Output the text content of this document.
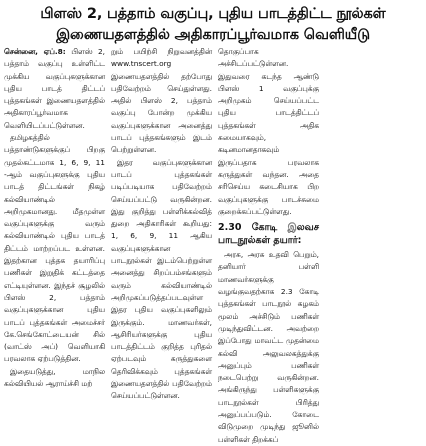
பிளஸ் 2, பத்தாம் வகுப்பு, புதிய பாடத்திட்ட நூல்கள்
இணையதளத்தில் அதிகாரப்பூர்வமாக வெளியீடு

சென்னை, ஏப்.8: பிளஸ் 2, பத்தாம் வகுப்பு உள்ளிட்ட முக்கிய வகுப்புகளுக்கான புதிய பாடத் திட்டப் புத்தகங்கள் இணையதளத்தில் அதிகாரப்பூர்வமாக வெளியிடப்பட்டுள்ளன.

தமிழகத்தில் பத்தாண்டுகளுக்குப் பிறகு முதல்கட்டமாக 1, 6, 9, 11 -ஆம் வகுப்புகளுக்கு புதிய பாடத் திட்டங்கள் நிகழ் கல்வியாண்டில் அறிமுகமானது. மீதமுள்ள வகுப்புகளுக்கு வரும் கல்வியாண்டில் புதிய பாடத் திட்டம் மாற்றப்பட உள்ளன. இதற்கான புத்தக தயாரிப்பு பணிகள் இறுதிக் கட்டத்தை எட்டியுள்ளன. இந்தச் சூழலில் பிளஸ் 2, பத்தாம் வகுப்புகளுக்கான புதிய பாடப் புத்தகங்கள் அமைச்சர் கே.செங்கோட்டையன் சில் (வாட்ஸ் அப்) வெளியாகி பரவலாக ஏற்படுத்தின.

இதையடுத்து, மாநில கல்வியியல் ஆராய்ச்சி மற்

றும் பயிற்சி நிறுவனத்தின் www.tnscert.org இணையதளத்தில் தற்போது பதிவேற்றம் செய்துள்ளது. அதில் பிளஸ் 2, பத்தாம் வகுப்பு போன்ற முக்கிய வகுப்புகளுக்கான அனைத்து பாடப் புத்தகங்களும் இடம் பெற்றுள்ளன.

இதர வகுப்புகளுக்கான பாடப் புத்தகங்கள் படிப்படியாக பதிவேற்றம் செய்யப்பட்டு வருகின்றன. இது குறித்து பள்ளிக்கல்வித் துறை அதிகாரிகள் கூறியது: 1, 6, 9, 11 ஆகிய வகுப்புகளுக்கான பாடநூல்கள் இடம்பெற்றுள்ள அனைத்து சிறப்பம்சங்களும் வரும் கல்வியாண்டில் அறிமுகப்படுத்தப்படவுள்ள இதர புதிய வகுப்புகளிலும் இருக்கும். மாணவர்கள், ஆசிரியர்களுக்கு புதிய பாடத்திட்டம் குறித்த புரிதல் ஏற்படவும் கருத்துகளை தெரிவிக்கவும் புத்தகங்கள் இணையதளத்தில் பதிவேற்றம் செய்யப்பட்டுள்ளன.

தொகுப்பாக அச்சிடப்பட்டுள்ளன. இதுவரை கடந்த ஆண்டு பிளஸ் 1 வகுப்புக்கு அறிமுகம் செய்யப்பட்ட புதிய பாடத்திட்டப் புத்தகங்கள் அதிக சுமையாகவும், கடினமானதாகவும் இருப்பதாக பரவலாக கருத்துகள் வந்தன. அதை சரிசெய்ய கடைசியாக பிற வகுப்புகளுக்கு பாடச்சுமை குறைக்கப்பட்டுள்ளது.

2.30 கோடி இலவச பாடநூல்கள் தயார்:

அரசு, அரசு உதவி பெறும், தனியார் பள்ளி மாணவர்களுக்கு வழங்குவதற்காக 2.3 கோடி புத்தகங்கள் பாடநூல் கழகம் மூலம் அச்சிடும் பணிகள் முடிந்துவிட்டன. அவற்றை இப்போது மாவட்ட முதன்மை கல்வி அலுவலகத்துக்கு அனுப்பும் பணிகள் நடைபெற்று வருகின்றன. அங்கிருந்து பள்ளிகளுக்கு பாடநூல்கள் பிரித்து அனுப்பப்படும். கோடை விடுமுறை முடிந்து ஜூனில் பள்ளிகள் திறக்கப்
